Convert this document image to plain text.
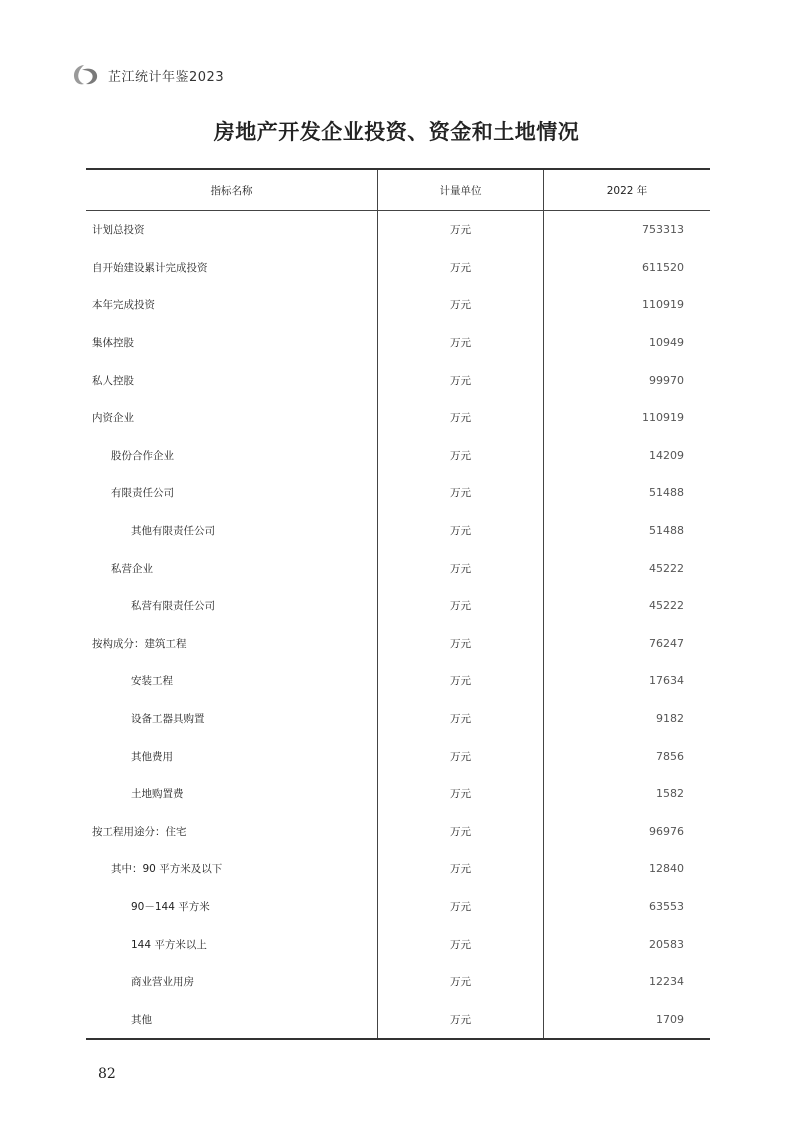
芷江统计年鉴2023
房地产开发企业投资、资金和土地情况
指标名称	计量单位	2022 年
计划总投资	万元	753313
自开始建设累计完成投资	万元	611520
本年完成投资	万元	110919
集体控股	万元	10949
私人控股	万元	99970
内资企业	万元	110919
股份合作企业	万元	14209
有限责任公司	万元	51488
其他有限责任公司	万元	51488
私营企业	万元	45222
私营有限责任公司	万元	45222
按构成分：建筑工程	万元	76247
安装工程	万元	17634
设备工器具购置	万元	9182
其他费用	万元	7856
土地购置费	万元	1582
按工程用途分：住宅	万元	96976
其中：90 平方米及以下	万元	12840
90－144 平方米	万元	63553
144 平方米以上	万元	20583
商业营业用房	万元	12234
其他	万元	1709
82
